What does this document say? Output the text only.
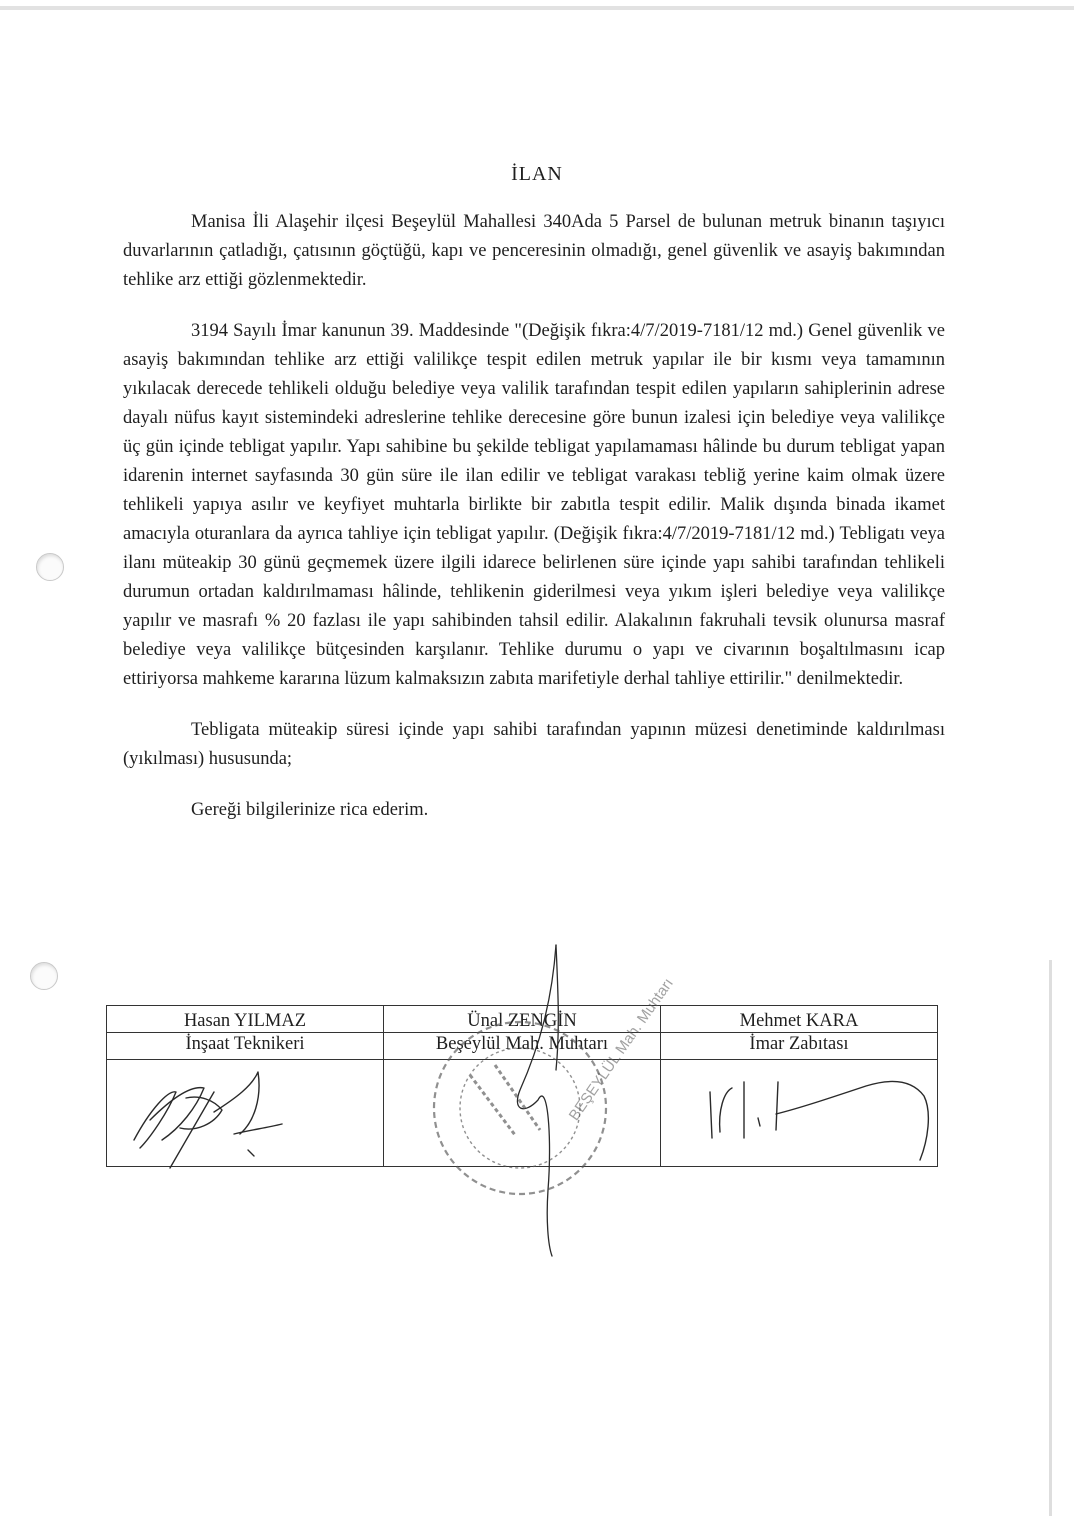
İLAN

Manisa İli Alaşehir ilçesi Beşeylül Mahallesi 340Ada 5 Parsel de bulunan metruk binanın taşıyıcı duvarlarının çatladığı, çatısının göçtüğü, kapı ve penceresinin olmadığı, genel güvenlik ve asayiş bakımından tehlike arz ettiği gözlenmektedir.

3194 Sayılı İmar kanunun 39. Maddesinde "(Değişik fıkra:4/7/2019-7181/12 md.) Genel güvenlik ve asayiş bakımından tehlike arz ettiği valilikçe tespit edilen metruk yapılar ile bir kısmı veya tamamının yıkılacak derecede tehlikeli olduğu belediye veya valilik tarafından tespit edilen yapıların sahiplerinin adrese dayalı nüfus kayıt sistemindeki adreslerine tehlike derecesine göre bunun izalesi için belediye veya valilikçe üç gün içinde tebligat yapılır. Yapı sahibine bu şekilde tebligat yapılamaması hâlinde bu durum tebligat yapan idarenin internet sayfasında 30 gün süre ile ilan edilir ve tebligat varakası tebliğ yerine kaim olmak üzere tehlikeli yapıya asılır ve keyfiyet muhtarla birlikte bir zabıtla tespit edilir. Malik dışında binada ikamet amacıyla oturanlara da ayrıca tahliye için tebligat yapılır. (Değişik fıkra:4/7/2019-7181/12 md.) Tebligatı veya ilanı müteakip 30 günü geçmemek üzere ilgili idarece belirlenen süre içinde yapı sahibi tarafından tehlikeli durumun ortadan kaldırılmaması hâlinde, tehlikenin giderilmesi veya yıkım işleri belediye veya valilikçe yapılır ve masrafı % 20 fazlası ile yapı sahibinden tahsil edilir. Alakalının fakruhali tevsik olunursa masraf belediye veya valilikçe bütçesinden karşılanır. Tehlike durumu o yapı ve civarının boşaltılmasını icap ettiriyorsa mahkeme kararına lüzum kalmaksızın zabıta marifetiyle derhal tahliye ettirilir." denilmektedir.

Tebligata müteakip süresi içinde yapı sahibi tarafından yapının müzesi denetiminde kaldırılması (yıkılması) hususunda;

Gereği bilgilerinize rica ederim.

Hasan YILMAZ	Ünal ZENGİN	Mehmet KARA
İnşaat Teknikeri	Beşeylül Mah. Muhtarı	İmar Zabıtası

BEŞEYLÜL Mah. Muhtarı
